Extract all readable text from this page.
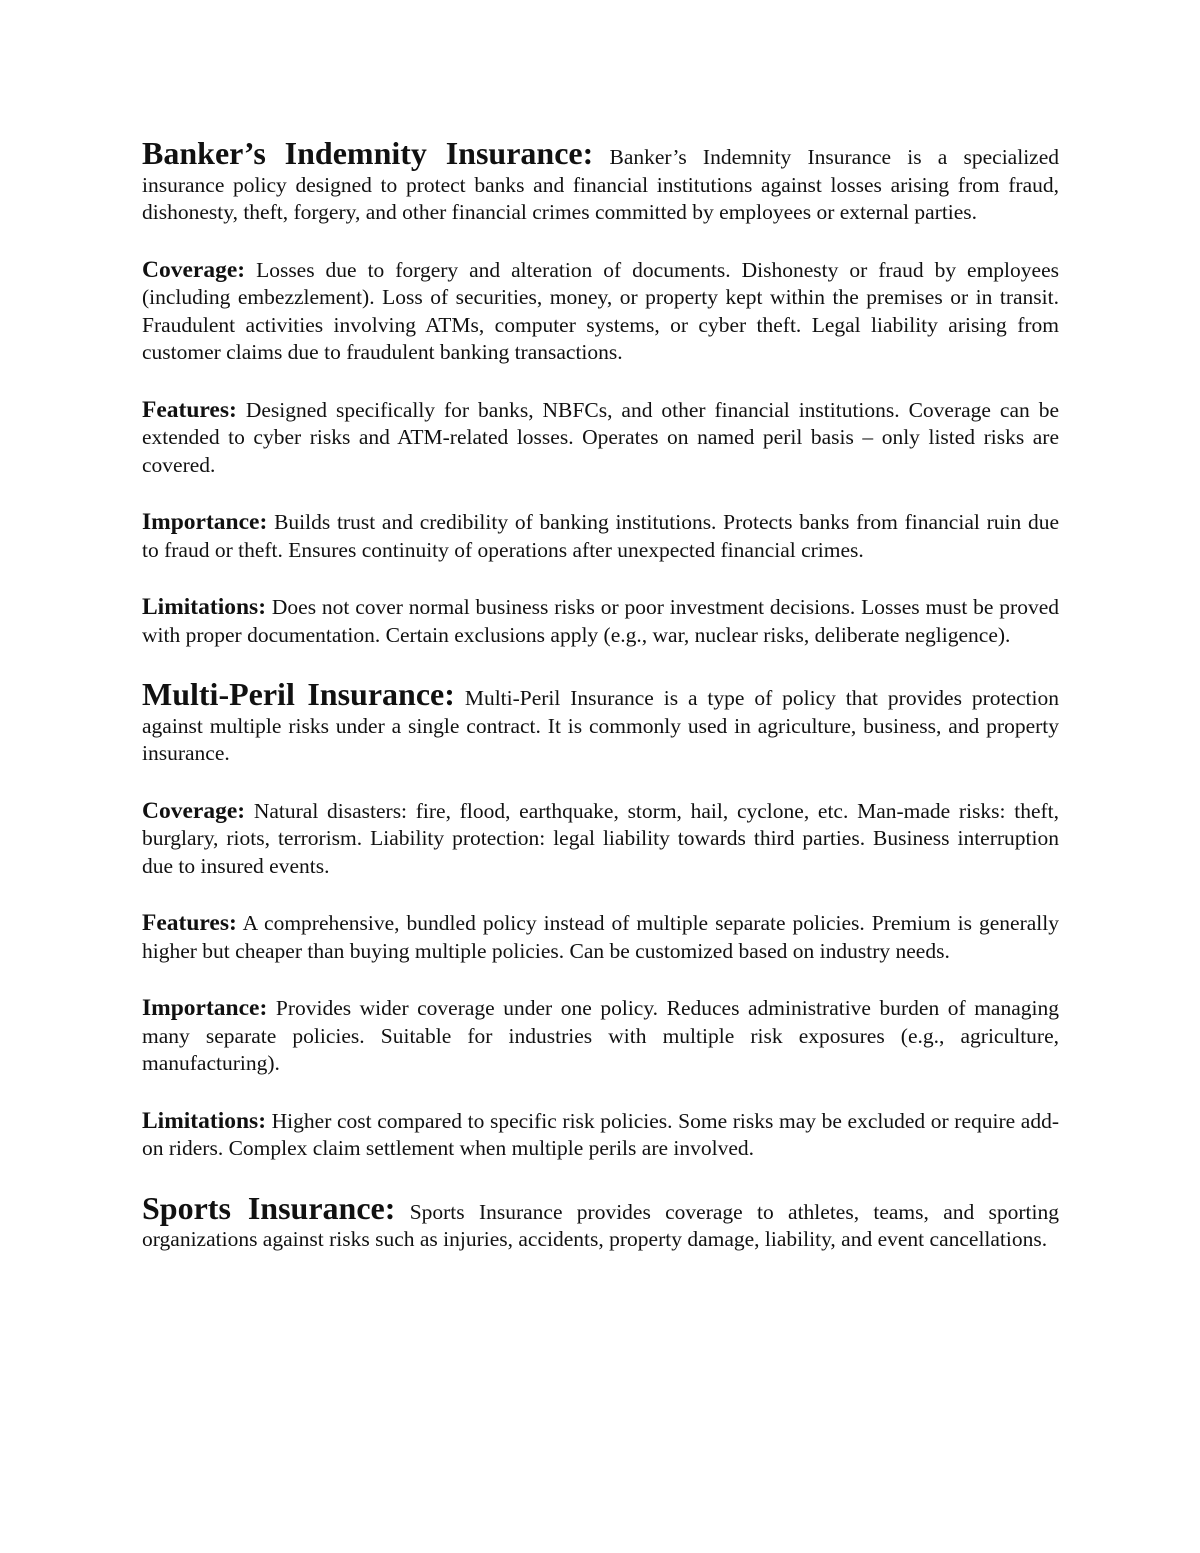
Banker’s Indemnity Insurance: Banker’s Indemnity Insurance is a specialized insurance policy designed to protect banks and financial institutions against losses arising from fraud, dishonesty, theft, forgery, and other financial crimes committed by employees or external parties.

Coverage: Losses due to forgery and alteration of documents. Dishonesty or fraud by employees (including embezzlement). Loss of securities, money, or property kept within the premises or in transit. Fraudulent activities involving ATMs, computer systems, or cyber theft. Legal liability arising from customer claims due to fraudulent banking transactions.

Features: Designed specifically for banks, NBFCs, and other financial institutions. Coverage can be extended to cyber risks and ATM-related losses. Operates on named peril basis – only listed risks are covered.

Importance: Builds trust and credibility of banking institutions. Protects banks from financial ruin due to fraud or theft. Ensures continuity of operations after unexpected financial crimes.

Limitations: Does not cover normal business risks or poor investment decisions. Losses must be proved with proper documentation. Certain exclusions apply (e.g., war, nuclear risks, deliberate negligence).

Multi-Peril Insurance: Multi-Peril Insurance is a type of policy that provides protection against multiple risks under a single contract. It is commonly used in agriculture, business, and property insurance.

Coverage: Natural disasters: fire, flood, earthquake, storm, hail, cyclone, etc. Man-made risks: theft, burglary, riots, terrorism. Liability protection: legal liability towards third parties. Business interruption due to insured events.

Features: A comprehensive, bundled policy instead of multiple separate policies. Premium is generally higher but cheaper than buying multiple policies. Can be customized based on industry needs.

Importance: Provides wider coverage under one policy. Reduces administrative burden of managing many separate policies. Suitable for industries with multiple risk exposures (e.g., agriculture, manufacturing).

Limitations: Higher cost compared to specific risk policies. Some risks may be excluded or require add-on riders. Complex claim settlement when multiple perils are involved.

Sports Insurance: Sports Insurance provides coverage to athletes, teams, and sporting organizations against risks such as injuries, accidents, property damage, liability, and event cancellations.
